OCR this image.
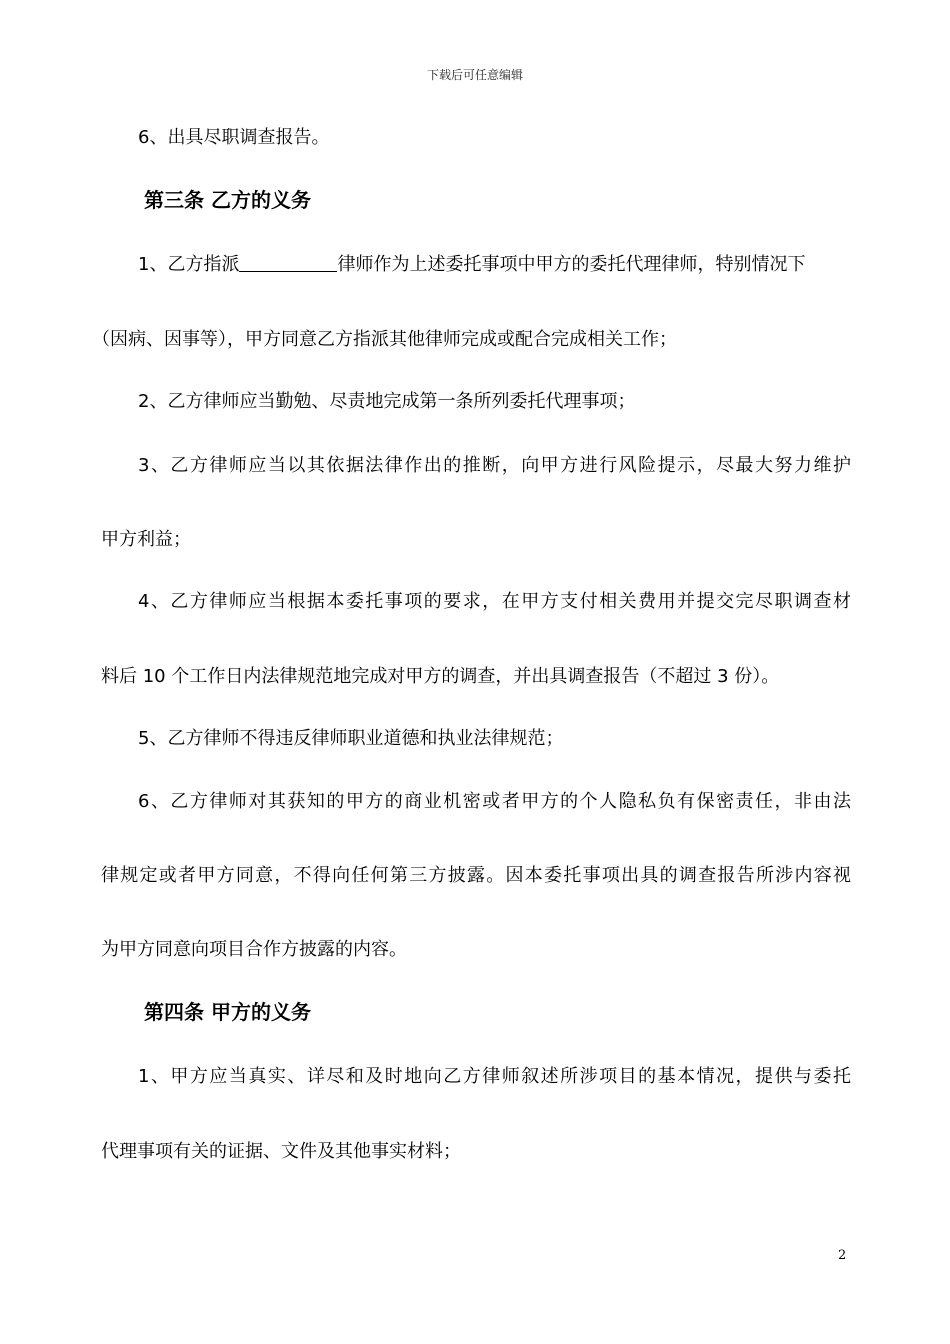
下载后可任意编辑
6、出具尽职调查报告。
第三条 乙方的义务
1、乙方指派	律师作为上述委托事项中甲方的委托代理律师，特别情况下
（因病、因事等），甲方同意乙方指派其他律师完成或配合完成相关工作；
2、乙方律师应当勤勉、尽责地完成第一条所列委托代理事项；
3、乙方律师应当以其依据法律作出的推断，向甲方进行风险提示，尽最大努力维护
甲方利益；
4、乙方律师应当根据本委托事项的要求，在甲方支付相关费用并提交完尽职调查材
料后 10 个工作日内法律规范地完成对甲方的调查，并出具调查报告（不超过 3 份）。
5、乙方律师不得违反律师职业道德和执业法律规范；
6、乙方律师对其获知的甲方的商业机密或者甲方的个人隐私负有保密责任，非由法
律规定或者甲方同意，不得向任何第三方披露。因本委托事项出具的调查报告所涉内容视
为甲方同意向项目合作方披露的内容。
第四条 甲方的义务
1、甲方应当真实、详尽和及时地向乙方律师叙述所涉项目的基本情况，提供与委托
代理事项有关的证据、文件及其他事实材料；
2
